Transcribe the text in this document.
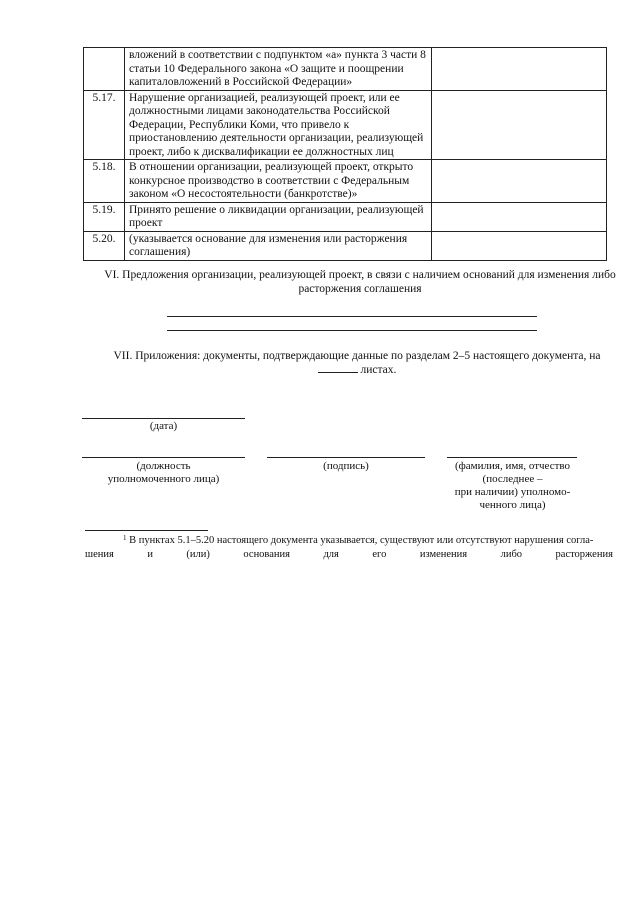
	вложений в соответствии с подпунктом «а» пункта 3 части 8 статьи 10 Федерального закона «О защите и поощрении капиталовложений в Российской Федерации»	
5.17.	Нарушение организацией, реализующей проект, или ее должностными лицами законодательства Российской Федерации, Республики Коми, что привело к приостановлению деятельности организации, реализующей проект, либо к дисквалификации ее должностных лиц	
5.18.	В отношении организации, реализующей проект, открыто конкурсное производство в соответствии с Федеральным законом «О несостоятельности (банкротстве)»	
5.19.	Принято решение о ликвидации организации, реализующей проект	
5.20.	(указывается основание для изменения или расторжения соглашения)	
VI. Предложения организации, реализующей проект, в связи с наличием оснований для изменения либо
расторжения соглашения
VII. Приложения: документы, подтверждающие данные по разделам 2–5 настоящего документа, на
листах.
(дата)
(должность
уполномоченного лица)
(подпись)	(фамилия, имя, отчество
(последнее –
при наличии) уполномо-
ченного лица)
$^1$ В пунктах 5.1–5.20 настоящего документа указывается, существуют или отсутствуют нарушения согла-
шения	и	(или)	основания	для	его	изменения	либо	расторжения
